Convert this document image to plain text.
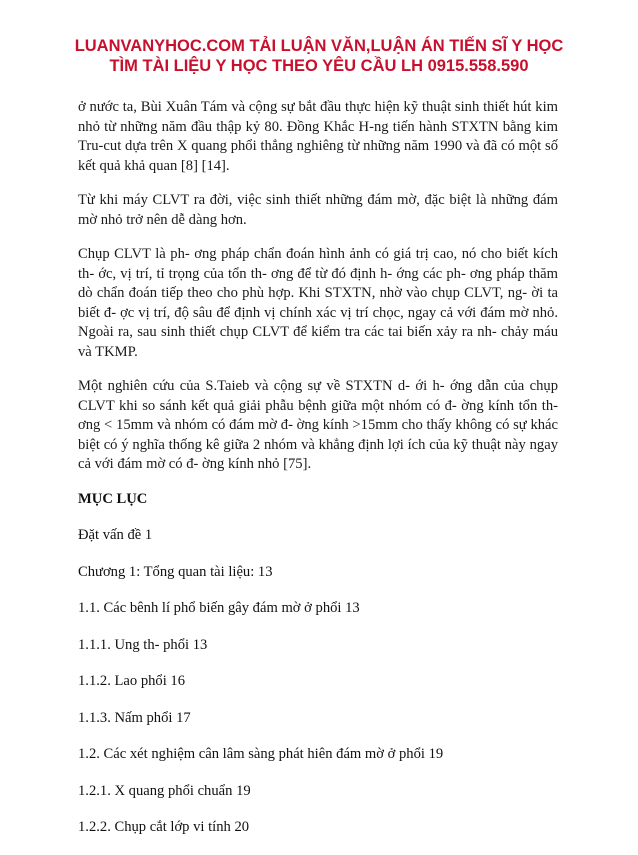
LUANVANYHOC.COM TẢI LUẬN VĂN,LUẬN ÁN TIẾN SĨ Y HỌC
TÌM TÀI LIỆU Y HỌC THEO YÊU CẦU LH 0915.558.590

ở nước ta, Bùi Xuân Tám và cộng sự bắt đầu thực hiện kỹ thuật sinh thiết hút kim nhỏ từ những năm đầu thập kỷ 80. Đồng Khắc H-ng tiến hành STXTN bằng kim Tru-cut dựa trên X quang phổi thẳng nghiêng từ những năm 1990 và đã có một số kết quả khả quan [8] [14].

Từ khi máy CLVT ra đời, việc sinh thiết những đám mờ, đặc biệt là những đám mờ nhỏ trở nên dễ dàng hơn.

Chụp CLVT là ph- ơng pháp chẩn đoán hình ảnh có giá trị cao, nó cho biết kích th- ớc, vị trí, tỉ trọng của tổn th- ơng để từ đó định h- ớng các ph- ơng pháp thăm dò chẩn đoán tiếp theo cho phù hợp. Khi STXTN, nhờ vào chụp CLVT, ng- ời ta biết đ- ợc vị trí, độ sâu để định vị chính xác vị trí chọc, ngay cả với đám mờ nhỏ. Ngoài ra, sau sinh thiết chụp CLVT để kiểm tra các tai biến xảy ra nh- chảy máu và TKMP.

Một nghiên cứu của S.Taieb và cộng sự về STXTN d- ới h- ớng dẫn của chụp CLVT khi so sánh kết quả giải phẫu bệnh giữa một nhóm có đ- ờng kính tổn th- ơng < 15mm và nhóm có đám mờ đ- ờng kính >15mm cho thấy không có sự khác biệt có ý nghĩa thống kê giữa 2 nhóm và khẳng định lợi ích của kỹ thuật này ngay cả với đám mờ có đ- ờng kính nhỏ [75].

MỤC LỤC

Đặt vấn đề 1

Chương 1: Tổng quan tài liệu: 13

1.1. Các bênh lí phổ biến gây đám mờ ở phổi 13

1.1.1. Ung th- phổi 13

1.1.2. Lao phổi 16

1.1.3. Nấm phổi 17

1.2. Các xét nghiệm cân lâm sàng phát hiên đám mờ ở phổi 19

1.2.1. X quang phổi chuẩn 19

1.2.2. Chụp cắt lớp vi tính 20
